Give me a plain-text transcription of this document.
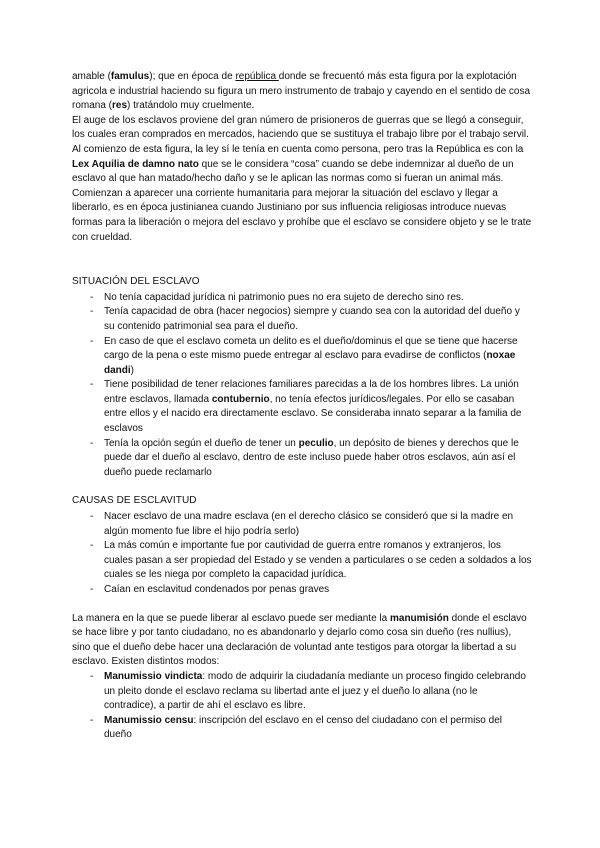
amable (famulus); que en época de república donde se frecuentó más esta figura por la explotación agricola e industrial haciendo su figura un mero instrumento de trabajo y cayendo en el sentido de cosa romana (res) tratándolo muy cruelmente.

El auge de los esclavos proviene del gran número de prisioneros de guerras que se llegó a conseguir, los cuales eran comprados en mercados, haciendo que se sustituya el trabajo libre por el trabajo servil.

Al comienzo de esta figura, la ley sí le tenía en cuenta como persona, pero tras la República es con la Lex Aquilia de damno nato que se le considera “cosa” cuando se debe indemnizar al dueño de un esclavo al que han matado/hecho daño y se le aplican las normas como si fueran un animal más.

Comienzan a aparecer una corriente humanitaria para mejorar la situación del esclavo y llegar a liberarlo, es en época justinianea cuando Justiniano por sus influencia religiosas introduce nuevas formas para la liberación o mejora del esclavo y prohíbe que el esclavo se considere objeto y se le trate con crueldad.

SITUACIÓN DEL ESCLAVO

- No tenía capacidad jurídica ni patrimonio pues no era sujeto de derecho sino res.
- Tenía capacidad de obra (hacer negocios) siempre y cuando sea con la autoridad del dueño y su contenido patrimonial sea para el dueño.
- En caso de que el esclavo cometa un delito es el dueño/dominus el que se tiene que hacerse cargo de la pena o este mismo puede entregar al esclavo para evadirse de conflictos (noxae dandi)
- Tiene posibilidad de tener relaciones familiares parecidas a la de los hombres libres. La unión entre esclavos, llamada contubernio, no tenía efectos jurídicos/legales. Por ello se casaban entre ellos y el nacido era directamente esclavo. Se consideraba innato separar a la familia de esclavos
- Tenía la opción según el dueño de tener un peculio, un depósito de bienes y derechos que le puede dar el dueño al esclavo, dentro de este incluso puede haber otros esclavos, aún así el dueño puede reclamarlo

CAUSAS DE ESCLAVITUD

- Nacer esclavo de una madre esclava (en el derecho clásico se consideró que si la madre en algún momento fue libre el hijo podría serlo)
- La más común e importante fue por cautividad de guerra entre romanos y extranjeros, los cuales pasan a ser propiedad del Estado y se venden a particulares o se ceden a soldados a los cuales se les niega por completo la capacidad jurídica.
- Caían en esclavitud condenados por penas graves

La manera en la que se puede liberar al esclavo puede ser mediante la manumisión donde el esclavo se hace libre y por tanto ciudadano, no es abandonarlo y dejarlo como cosa sin dueño (res nullius), sino que el dueño debe hacer una declaración de voluntad ante testigos para otorgar la libertad a su esclavo. Existen distintos modos:

- Manumissio vindicta: modo de adquirir la ciudadanía mediante un proceso fingido celebrando un pleito donde el esclavo reclama su libertad ante el juez y el dueño lo allana (no le contradice), a partir de ahí el esclavo es libre.
- Manumissio censu: inscripción del esclavo en el censo del ciudadano con el permiso del dueño
